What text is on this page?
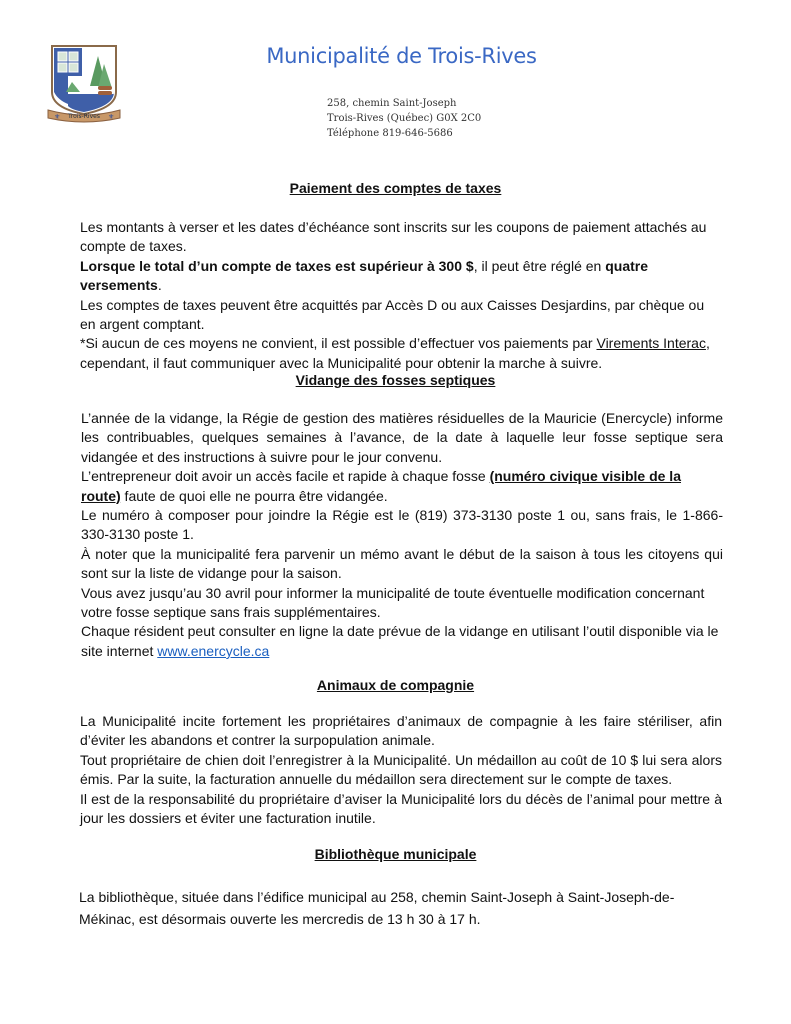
Trois-Rives
⚜	⚜
Municipalité de Trois-Rives
258, chemin Saint-Joseph
Trois-Rives (Québec) G0X 2C0
Téléphone 819-646-5686
Paiement des comptes de taxes

Les montants à verser et les dates d’échéance sont inscrits sur les coupons de paiement attachés au compte de taxes.

Lorsque le total d’un compte de taxes est supérieur à 300 $, il peut être réglé en quatre versements.

Les comptes de taxes peuvent être acquittés par Accès D ou aux Caisses Desjardins, par chèque ou en argent comptant.

*Si aucun de ces moyens ne convient, il est possible d’effectuer vos paiements par Virements Interac, cependant, il faut communiquer avec la Municipalité pour obtenir la marche à suivre.

Vidange des fosses septiques

L’année de la vidange, la Régie de gestion des matières résiduelles de la Mauricie (Enercycle) informe les contribuables, quelques semaines à l’avance, de la date à laquelle leur fosse septique sera vidangée et des instructions à suivre pour le jour convenu.

L’entrepreneur doit avoir un accès facile et rapide à chaque fosse (numéro civique visible de la route) faute de quoi elle ne pourra être vidangée.

Le numéro à composer pour joindre la Régie est le (819) 373-3130 poste 1 ou, sans frais, le 1-866-330-3130 poste 1.

À noter que la municipalité fera parvenir un mémo avant le début de la saison à tous les citoyens qui sont sur la liste de vidange pour la saison.

Vous avez jusqu’au 30 avril pour informer la municipalité de toute éventuelle modification concernant votre fosse septique sans frais supplémentaires.

Chaque résident peut consulter en ligne la date prévue de la vidange en utilisant l’outil disponible via le site internet www.enercycle.ca

Animaux de compagnie

La Municipalité incite fortement les propriétaires d’animaux de compagnie à les faire stériliser, afin d’éviter les abandons et contrer la surpopulation animale.

Tout propriétaire de chien doit l’enregistrer à la Municipalité. Un médaillon au coût de 10 $ lui sera alors émis. Par la suite, la facturation annuelle du médaillon sera directement sur le compte de taxes.

Il est de la responsabilité du propriétaire d’aviser la Municipalité lors du décès de l’animal pour mettre à jour les dossiers et éviter une facturation inutile.

Bibliothèque municipale

La bibliothèque, située dans l’édifice municipal au 258, chemin Saint-Joseph à Saint-Joseph-de-Mékinac, est désormais ouverte les mercredis de 13 h 30 à 17 h.
